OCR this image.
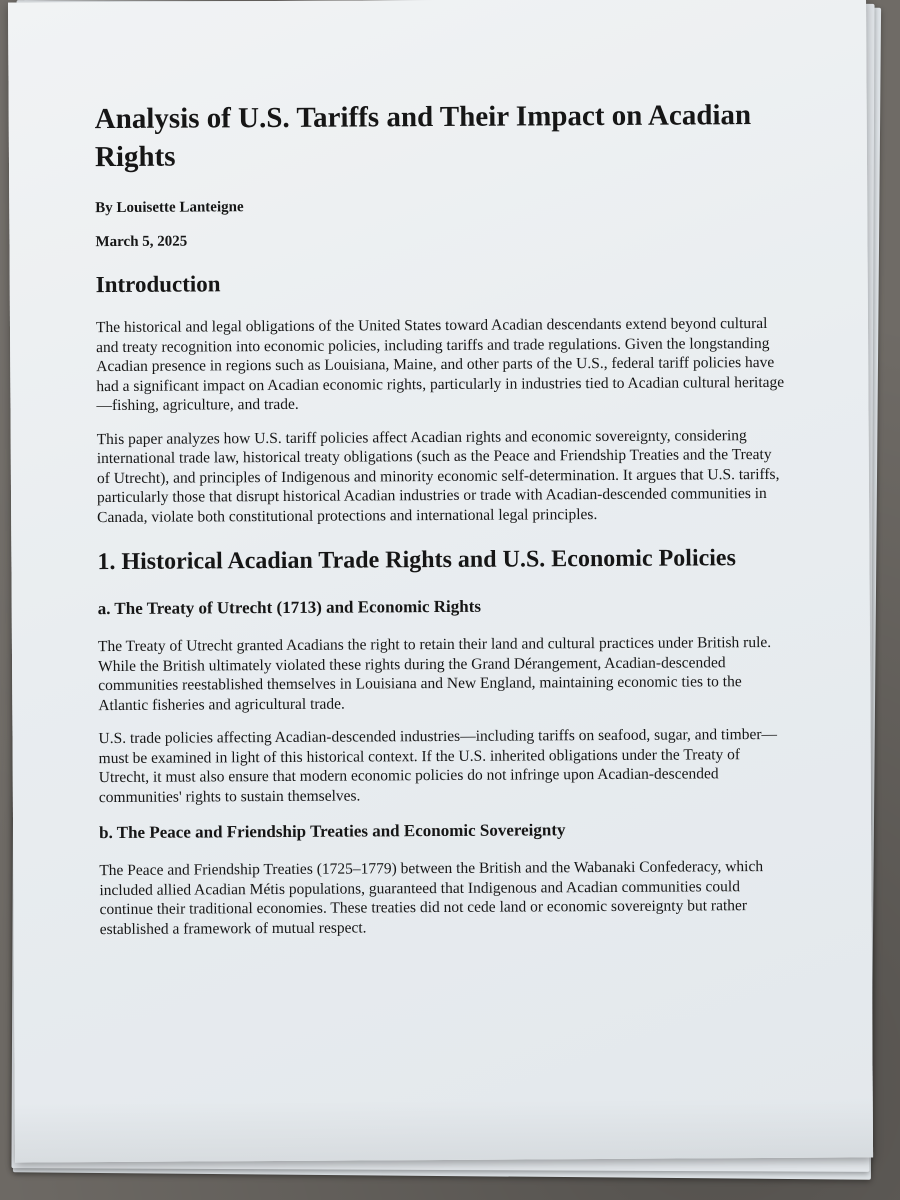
Analysis of U.S. Tariffs and Their Impact on Acadian Rights
By Louisette Lanteigne
March 5, 2025
Introduction

The historical and legal obligations of the United States toward Acadian descendants extend beyond cultural and treaty recognition into economic policies, including tariffs and trade regulations. Given the longstanding Acadian presence in regions such as Louisiana, Maine, and other parts of the U.S., federal tariff policies have had a significant impact on Acadian economic rights, particularly in industries tied to Acadian cultural heritage—fishing, agriculture, and trade.

This paper analyzes how U.S. tariff policies affect Acadian rights and economic sovereignty, considering international trade law, historical treaty obligations (such as the Peace and Friendship Treaties and the Treaty of Utrecht), and principles of Indigenous and minority economic self-determination. It argues that U.S. tariffs, particularly those that disrupt historical Acadian industries or trade with Acadian-descended communities in Canada, violate both constitutional protections and international legal principles.

1. Historical Acadian Trade Rights and U.S. Economic Policies
a. The Treaty of Utrecht (1713) and Economic Rights

The Treaty of Utrecht granted Acadians the right to retain their land and cultural practices under British rule. While the British ultimately violated these rights during the Grand Dérangement, Acadian-descended communities reestablished themselves in Louisiana and New England, maintaining economic ties to the Atlantic fisheries and agricultural trade.

U.S. trade policies affecting Acadian-descended industries—including tariffs on seafood, sugar, and timber—must be examined in light of this historical context. If the U.S. inherited obligations under the Treaty of Utrecht, it must also ensure that modern economic policies do not infringe upon Acadian-descended communities' rights to sustain themselves.

b. The Peace and Friendship Treaties and Economic Sovereignty

The Peace and Friendship Treaties (1725–1779) between the British and the Wabanaki Confederacy, which included allied Acadian Métis populations, guaranteed that Indigenous and Acadian communities could continue their traditional economies. These treaties did not cede land or economic sovereignty but rather established a framework of mutual respect.
